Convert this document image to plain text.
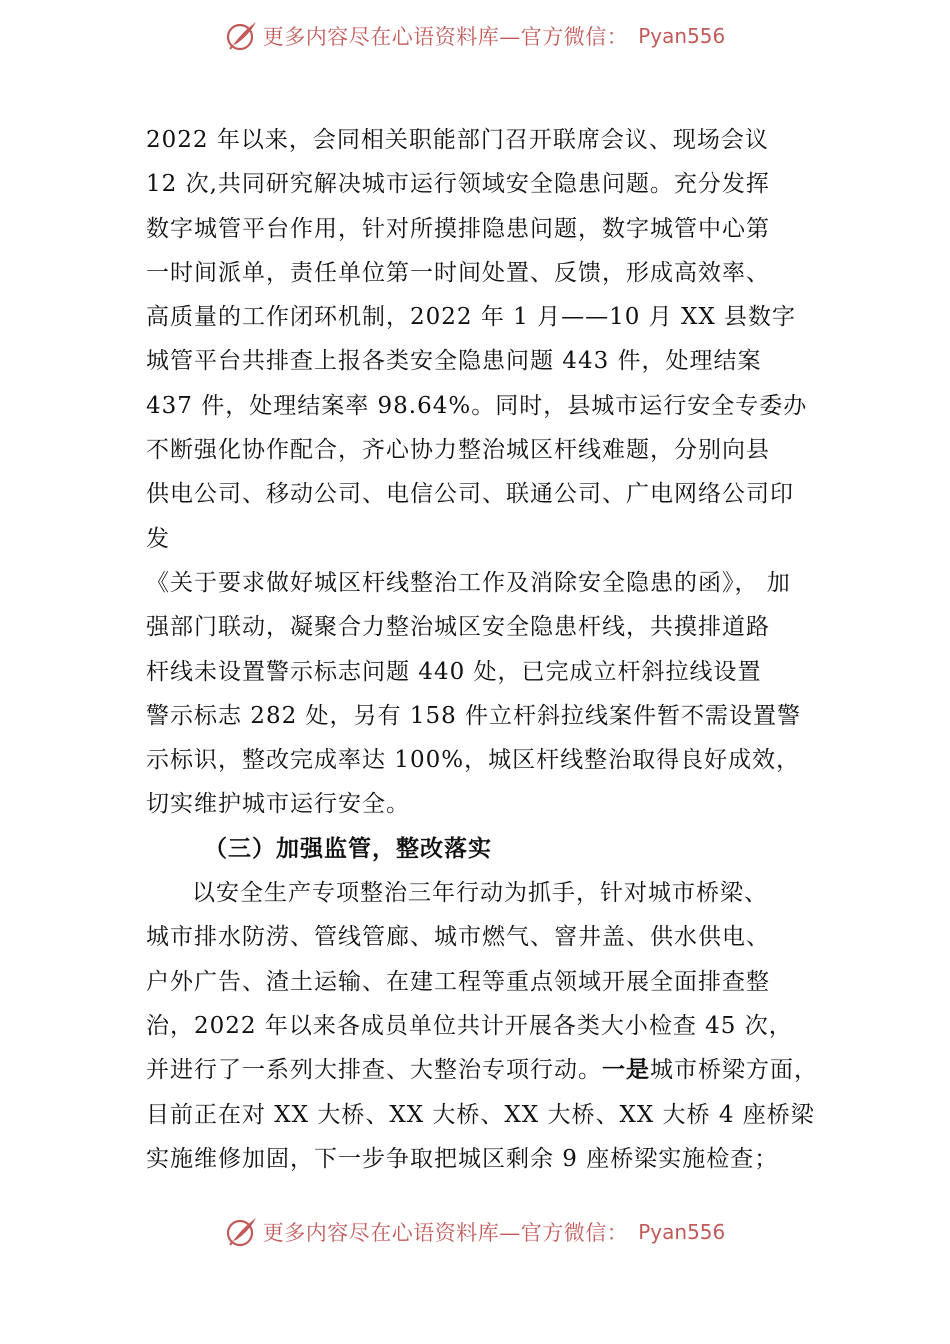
更多内容尽在心语资料库—官方微信： Pyan556
2022 年以来，会同相关职能部门召开联席会议、现场会议
12 次,共同研究解决城市运行领域安全隐患问题。充分发挥
数字城管平台作用，针对所摸排隐患问题，数字城管中心第
一时间派单，责任单位第一时间处置、反馈，形成高效率、
高质量的工作闭环机制，2022 年 1 月——10 月 XX 县数字
城管平台共排查上报各类安全隐患问题 443 件，处理结案
437 件，处理结案率 98.64%。同时，县城市运行安全专委办
不断强化协作配合，齐心协力整治城区杆线难题，分别向县
供电公司、移动公司、电信公司、联通公司、广电网络公司印
发
《关于要求做好城区杆线整治工作及消除安全隐患的函》， 加
强部门联动，凝聚合力整治城区安全隐患杆线，共摸排道路
杆线未设置警示标志问题 440 处，已完成立杆斜拉线设置
警示标志 282 处，另有 158 件立杆斜拉线案件暂不需设置警
示标识，整改完成率达 100%，城区杆线整治取得良好成效，
切实维护城市运行安全。
（三）加强监管，整改落实
以安全生产专项整治三年行动为抓手，针对城市桥梁、
城市排水防涝、管线管廊、城市燃气、窨井盖、供水供电、
户外广告、渣土运输、在建工程等重点领域开展全面排查整
治，2022 年以来各成员单位共计开展各类大小检查 45 次，
并进行了一系列大排查、大整治专项行动。一是城市桥梁方面，
目前正在对 XX 大桥、XX 大桥、XX 大桥、XX 大桥 4 座桥梁
实施维修加固，下一步争取把城区剩余 9 座桥梁实施检查；
更多内容尽在心语资料库—官方微信： Pyan556
